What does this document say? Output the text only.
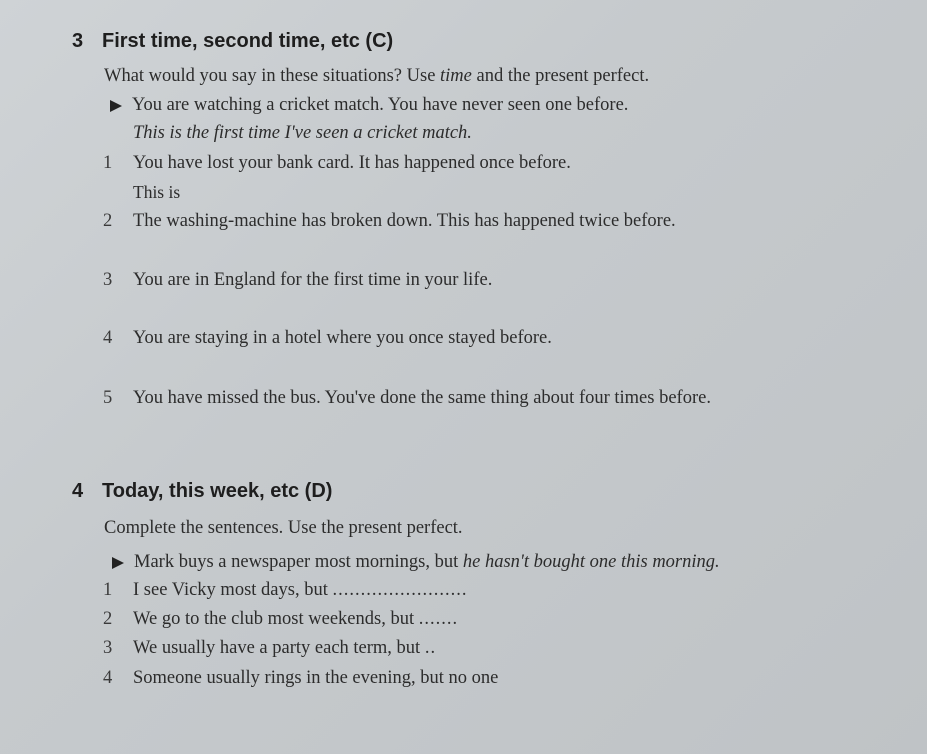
3 First time, second time, etc (C)
What would you say in these situations? Use time and the present perfect.
You are watching a cricket match. You have never seen one before.
This is the first time I've seen a cricket match.
1 You have lost your bank card. It has happened once before.
This is
2 The washing-machine has broken down. This has happened twice before.
3 You are in England for the first time in your life.
4 You are staying in a hotel where you once stayed before.
5 You have missed the bus. You've done the same thing about four times before.
4 Today, this week, etc (D)
Complete the sentences. Use the present perfect.
Mark buys a newspaper most mornings, but he hasn't bought one this morning.
1 I see Vicky most days, but ........................
2 We go to the club most weekends, but .......
3 We usually have a party each term, but ..
4 Someone usually rings in the evening, but no one
